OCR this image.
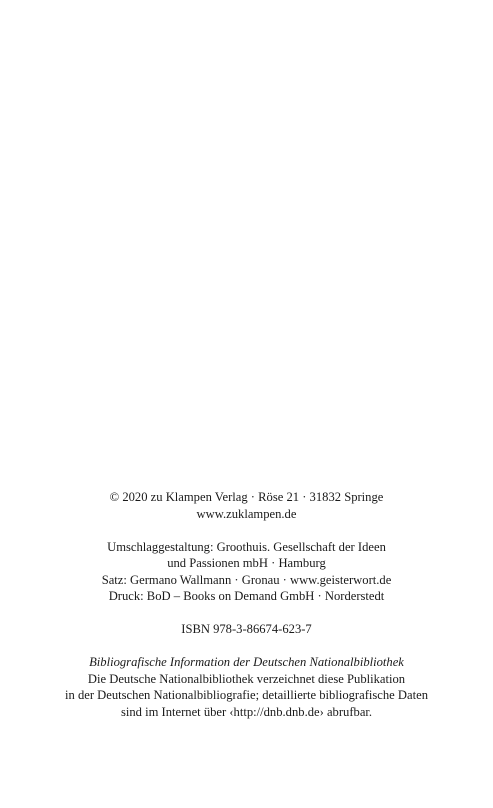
© 2020 zu Klampen Verlag · Röse 21 · 31832 Springe

www.zuklampen.de

Umschlaggestaltung: Groothuis. Gesellschaft der Ideen

und Passionen mbH · Hamburg

Satz: Germano Wallmann · Gronau · www.geisterwort.de

Druck: BoD – Books on Demand GmbH · Norderstedt

ISBN 978-3-86674-623-7

Bibliografische Information der Deutschen Nationalbibliothek

Die Deutsche Nationalbibliothek verzeichnet diese Publikation

in der Deutschen Nationalbibliografie; detaillierte bibliografische Daten

sind im Internet über ‹http://dnb.dnb.de› abrufbar.
